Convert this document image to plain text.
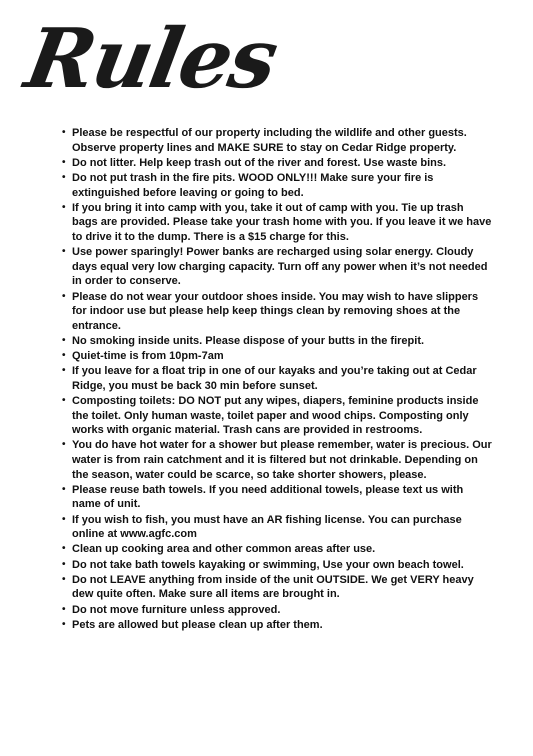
Rules
• Please be respectful of our property including the wildlife and other guests. Observe property lines and MAKE SURE to stay on Cedar Ridge property.
• Do not litter. Help keep trash out of the river and forest. Use waste bins.
• Do not put trash in the fire pits. WOOD ONLY!!! Make sure your fire is extinguished before leaving or going to bed.
• If you bring it into camp with you, take it out of camp with you. Tie up trash bags are provided. Please take your trash home with you. If you leave it we have to drive it to the dump. There is a $15 charge for this.
• Use power sparingly! Power banks are recharged using solar energy. Cloudy days equal very low charging capacity. Turn off any power when it’s not needed in order to conserve.
• Please do not wear your outdoor shoes inside. You may wish to have slippers for indoor use but please help keep things clean by removing shoes at the entrance.
• No smoking inside units. Please dispose of your butts in the firepit.
• Quiet-time is from 10pm-7am
• If you leave for a float trip in one of our kayaks and you’re taking out at Cedar Ridge, you must be back 30 min before sunset.
• Composting toilets: DO NOT put any wipes, diapers, feminine products inside the toilet. Only human waste, toilet paper and wood chips. Composting only works with organic material. Trash cans are provided in restrooms.
• You do have hot water for a shower but please remember, water is precious. Our water is from rain catchment and it is filtered but not drinkable. Depending on the season, water could be scarce, so take shorter showers, please.
• Please reuse bath towels. If you need additional towels, please text us with name of unit.
• If you wish to fish, you must have an AR fishing license. You can purchase online at www.agfc.com
• Clean up cooking area and other common areas after use.
• Do not take bath towels kayaking or swimming, Use your own beach towel.
• Do not LEAVE anything from inside of the unit OUTSIDE. We get VERY heavy dew quite often. Make sure all items are brought in.
• Do not move furniture unless approved.
• Pets are allowed but please clean up after them.
